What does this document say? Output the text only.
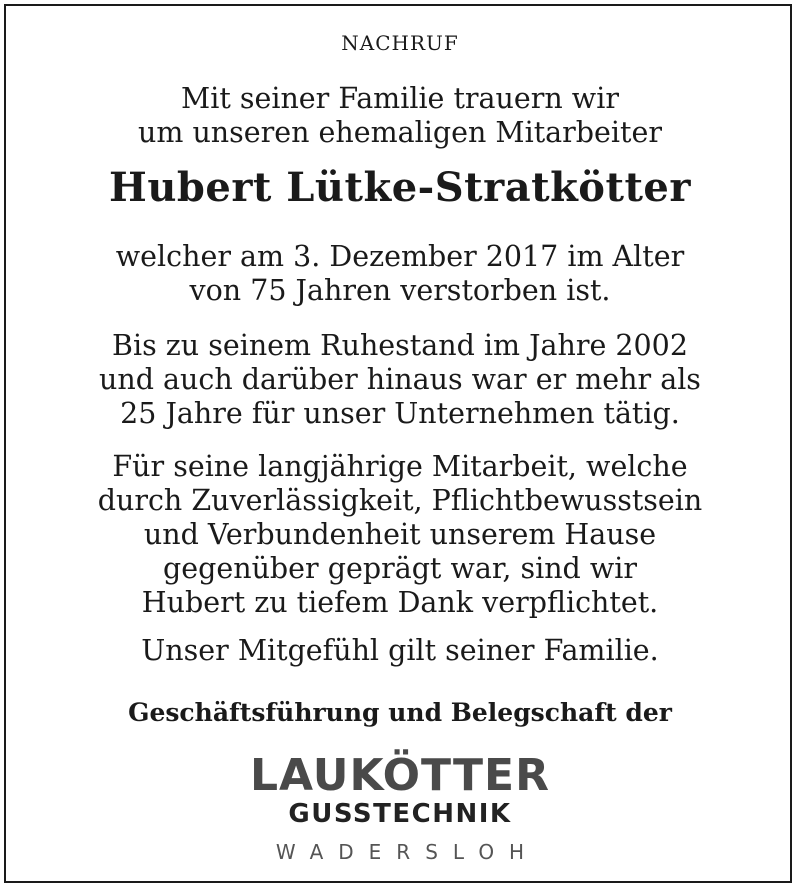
NACHRUF
Mit seiner Familie trauern wir
um unseren ehemaligen Mitarbeiter
Hubert Lütke-Stratkötter
welcher am 3. Dezember 2017 im Alter
von 75 Jahren verstorben ist.
Bis zu seinem Ruhestand im Jahre 2002
und auch darüber hinaus war er mehr als
25 Jahre für unser Unternehmen tätig.
Für seine langjährige Mitarbeit, welche
durch Zuverlässigkeit, Pflichtbewusstsein
und Verbundenheit unserem Hause
gegenüber geprägt war, sind wir
Hubert zu tiefem Dank verpflichtet.
Unser Mitgefühl gilt seiner Familie.
Geschäftsführung und Belegschaft der
LAUKÖTTER
GUSSTECHNIK
WADERSLOH
